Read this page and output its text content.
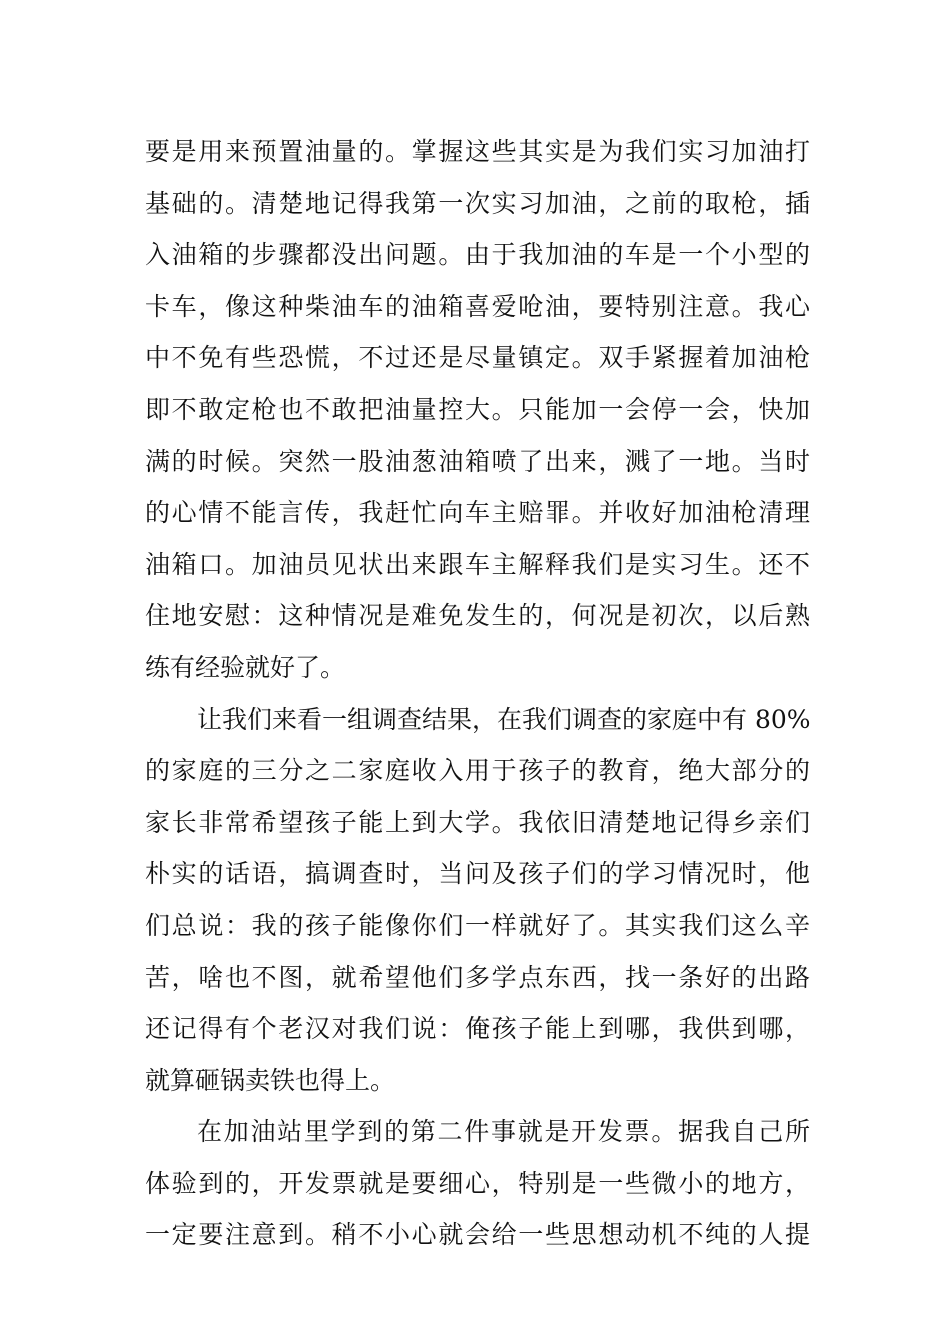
要是用来预置油量的。掌握这些其实是为我们实习加油打
基础的。清楚地记得我第一次实习加油，之前的取枪，插
入油箱的步骤都没出问题。由于我加油的车是一个小型的
卡车，像这种柴油车的油箱喜爱呛油，要特别注意。我心
中不免有些恐慌，不过还是尽量镇定。双手紧握着加油枪
即不敢定枪也不敢把油量控大。只能加一会停一会，快加
满的时候。突然一股油葱油箱喷了出来，溅了一地。当时
的心情不能言传，我赶忙向车主赔罪。并收好加油枪清理
油箱口。加油员见状出来跟车主解释我们是实习生。还不
住地安慰：这种情况是难免发生的，何况是初次，以后熟
练有经验就好了。
让我们来看一组调查结果，在我们调查的家庭中有 80%
的家庭的三分之二家庭收入用于孩子的教育，绝大部分的
家长非常希望孩子能上到大学。我依旧清楚地记得乡亲们
朴实的话语，搞调查时，当问及孩子们的学习情况时，他
们总说：我的孩子能像你们一样就好了。其实我们这么辛
苦，啥也不图，就希望他们多学点东西，找一条好的出路
还记得有个老汉对我们说：俺孩子能上到哪，我供到哪，
就算砸锅卖铁也得上。
在加油站里学到的第二件事就是开发票。据我自己所
体验到的，开发票就是要细心，特别是一些微小的地方，
一定要注意到。稍不小心就会给一些思想动机不纯的人提
